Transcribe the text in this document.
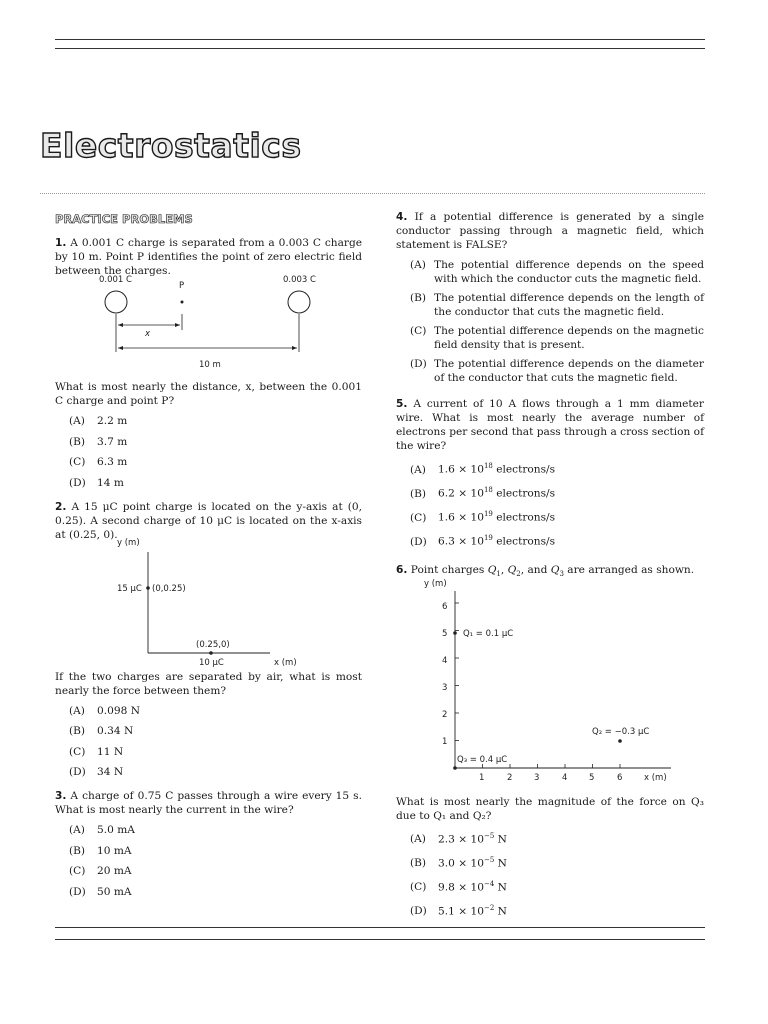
Electrostatics
PRACTICE PROBLEMS

1. A 0.001 C charge is separated from a 0.003 C charge by 10 m. Point P identifies the point of zero electric field between the charges.

0.001 C
P
0.003 C
x
10 m

What is most nearly the distance, x, between the 0.001 C charge and point P?

(A) 2.2 m
(B) 3.7 m
(C) 6.3 m
(D) 14 m

2. A 15 μC point charge is located on the y-axis at (0, 0.25). A second charge of 10 μC is located on the x-axis at (0.25, 0).

y (m)
15 μC (0,0.25)
(0.25,0)
10 μC	x (m)

If the two charges are separated by air, what is most nearly the force between them?

(A) 0.098 N
(B) 0.34 N
(C) 11 N
(D) 34 N

3. A charge of 0.75 C passes through a wire every 15 s. What is most nearly the current in the wire?

(A) 5.0 mA
(B) 10 mA
(C) 20 mA
(D) 50 mA

4. If a potential difference is generated by a single conductor passing through a magnetic field, which statement is FALSE?

(A) The potential difference depends on the speed with which the conductor cuts the magnetic field.
(B) The potential difference depends on the length of the conductor that cuts the magnetic field.
(C) The potential difference depends on the magnetic field density that is present.
(D) The potential difference depends on the diameter of the conductor that cuts the magnetic field.

5. A current of 10 A flows through a 1 mm diameter wire. What is most nearly the average number of electrons per second that pass through a cross section of the wire?

(A) $1.6 \times 10^{18}$ electrons/s
(B) $6.2 \times 10^{18}$ electrons/s
(C) $1.6 \times 10^{19}$ electrons/s
(D) $6.3 \times 10^{19}$ electrons/s

6. Point charges $Q_1$, $Q_2$, and $Q_3$ are arranged as shown.

y (m)
6
5
4
3
2
1
1	2	3	4	5	6	x (m)
Q₁ = 0.1 μC
Q₂ = −0.3 μC
Q₃ = 0.4 μC

What is most nearly the magnitude of the force on Q₃ due to Q₁ and Q₂?

(A) $2.3 \times 10^{-5}$ N
(B) $3.0 \times 10^{-5}$ N
(C) $9.8 \times 10^{-4}$ N
(D) $5.1 \times 10^{-2}$ N
